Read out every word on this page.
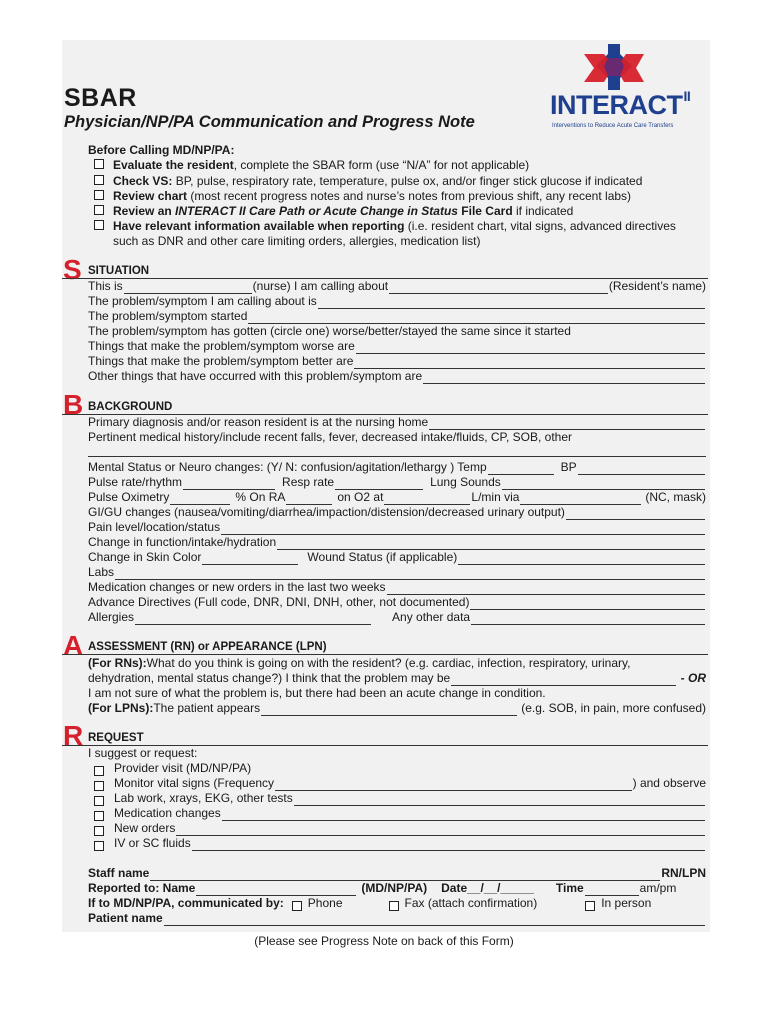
SBAR
Physician/NP/PA Communication and Progress Note
$INTERACT^{II}$
Interventions to Reduce Acute Care Transfers
Before Calling MD/NP/PA:
Evaluate the resident, complete the SBAR form (use “N/A” for not applicable)
Check VS: BP, pulse, respiratory rate, temperature, pulse ox, and/or finger stick glucose if indicated
Review chart (most recent progress notes and nurse’s notes from previous shift, any recent labs)
Review an INTERACT II Care Path or Acute Change in Status File Card if indicated
Have relevant information available when reporting (i.e. resident chart, vital signs, advanced directives
such as DNR and other care limiting orders, allergies, medication list)
S SITUATION
This is	(nurse) I am calling about	(Resident’s name)
The problem/symptom I am calling about is
The problem/symptom started
The problem/symptom has gotten (circle one) worse/better/stayed the same since it started
Things that make the problem/symptom worse are
Things that make the problem/symptom better are
Other things that have occurred with this problem/symptom are
B BACKGROUND
Primary diagnosis and/or reason resident is at the nursing home
Pertinent medical history/include recent falls, fever, decreased intake/fluids, CP, SOB, other
Mental Status or Neuro changes: (Y/ N: confusion/agitation/lethargy ) Temp	BP
Pulse rate/rhythm	Resp rate	Lung Sounds
Pulse Oximetry	% On RA	on O2 at	L/min via	(NC, mask)
GI/GU changes (nausea/vomiting/diarrhea/impaction/distension/decreased urinary output)
Pain level/location/status
Change in function/intake/hydration
Change in Skin Color	Wound Status (if applicable)
Labs
Medication changes or new orders in the last two weeks
Advance Directives (Full code, DNR, DNI, DNH, other, not documented)
Allergies	Any other data
A ASSESSMENT (RN) or APPEARANCE (LPN)
(For RNs): What do you think is going on with the resident? (e.g. cardiac, infection, respiratory, urinary,
dehydration, mental status change?) I think that the problem may be	- OR
I am not sure of what the problem is, but there had been an acute change in condition.
(For LPNs): The patient appears	(e.g. SOB, in pain, more confused)
R REQUEST
I suggest or request:
Provider visit (MD/NP/PA)
Monitor vital signs (Frequency	) and observe
Lab work, xrays, EKG, other tests
Medication changes
New orders
IV or SC fluids
Staff name	RN/LPN
Reported to: Name	(MD/NP/PA) Date__/__/_____ Time	am/pm
If to MD/NP/PA, communicated by: Phone	Fax (attach confirmation)	In person
Patient name
(Please see Progress Note on back of this Form)
